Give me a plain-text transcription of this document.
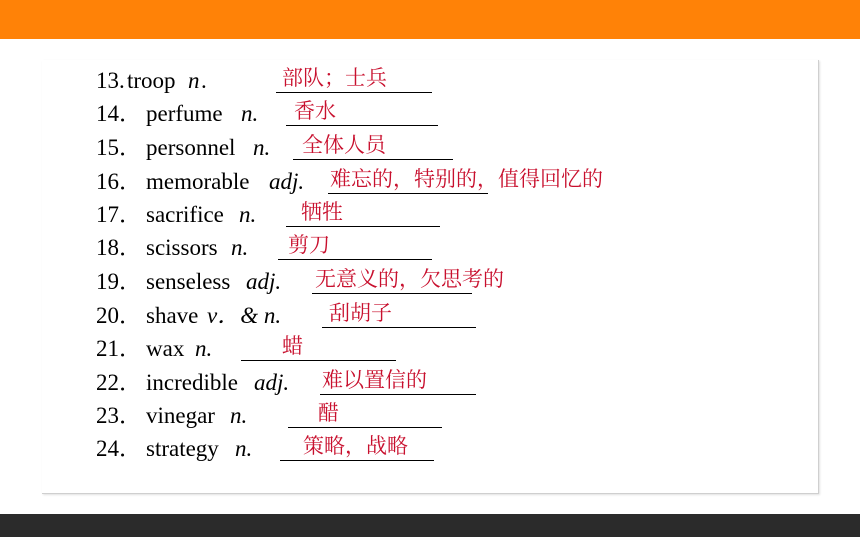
13. troop n .	部队；士兵
14． perfume n. 香水
15． personnel n. 全体人员
16． memorable adj. 难忘的，特别的，值得回忆的
17． sacrifice n. 牺牲
18． scissors n. 剪刀
19． senseless adj. 无意义的，欠思考的
20． shave v．& n. 刮胡子
21． wax n.	蜡
22． incredible adj. 难以置信的
23． vinegar n.	醋
24． strategy n. 策略，战略
